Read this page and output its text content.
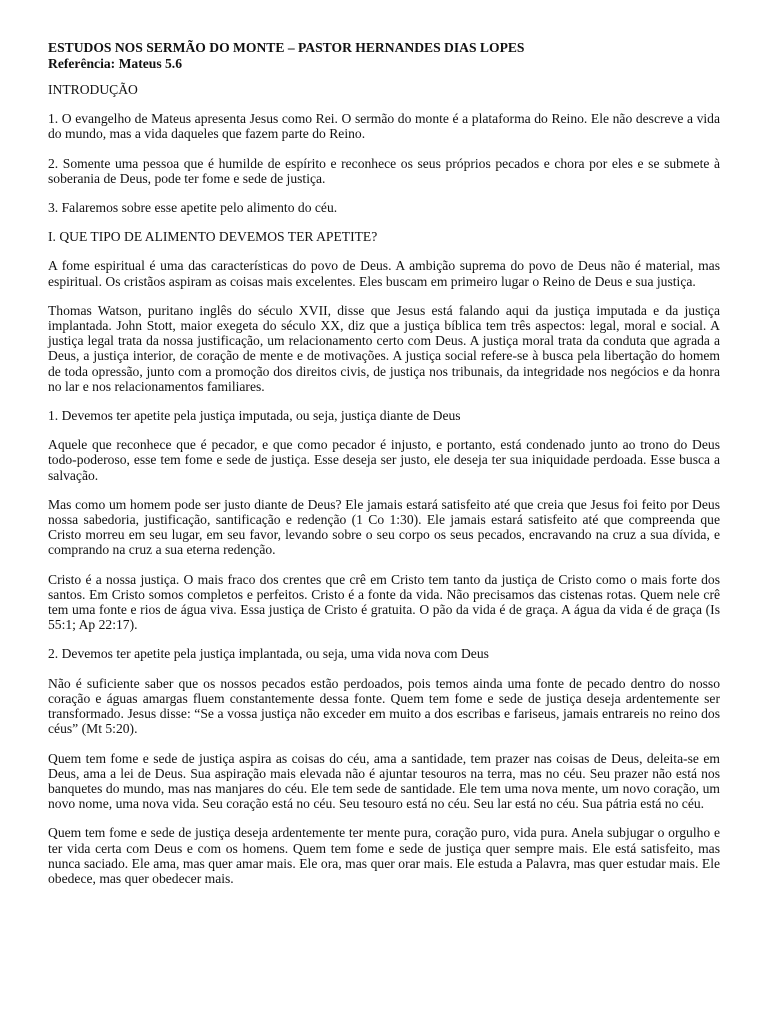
ESTUDOS NOS SERMÃO DO MONTE – PASTOR HERNANDES DIAS LOPES

Referência: Mateus 5.6

INTRODUÇÃO

1. O evangelho de Mateus apresenta Jesus como Rei. O sermão do monte é a plataforma do Reino. Ele não descreve a vida do mundo, mas a vida daqueles que fazem parte do Reino.

2. Somente uma pessoa que é humilde de espírito e reconhece os seus próprios pecados e chora por eles e se submete à soberania de Deus, pode ter fome e sede de justiça.

3. Falaremos sobre esse apetite pelo alimento do céu.

I. QUE TIPO DE ALIMENTO DEVEMOS TER APETITE?

A fome espiritual é uma das características do povo de Deus. A ambição suprema do povo de Deus não é material, mas espiritual. Os cristãos aspiram as coisas mais excelentes. Eles buscam em primeiro lugar o Reino de Deus e sua justiça.

Thomas Watson, puritano inglês do século XVII, disse que Jesus está falando aqui da justiça imputada e da justiça implantada. John Stott, maior exegeta do século XX, diz que a justiça bíblica tem três aspectos: legal, moral e social. A justiça legal trata da nossa justificação, um relacionamento certo com Deus. A justiça moral trata da conduta que agrada a Deus, a justiça interior, de coração de mente e de motivações. A justiça social refere-se à busca pela libertação do homem de toda opressão, junto com a promoção dos direitos civis, de justiça nos tribunais, da integridade nos negócios e da honra no lar e nos relacionamentos familiares.

1. Devemos ter apetite pela justiça imputada, ou seja, justiça diante de Deus

Aquele que reconhece que é pecador, e que como pecador é injusto, e portanto, está condenado junto ao trono do Deus todo-poderoso, esse tem fome e sede de justiça. Esse deseja ser justo, ele deseja ter sua iniquidade perdoada. Esse busca a salvação.

Mas como um homem pode ser justo diante de Deus? Ele jamais estará satisfeito até que creia que Jesus foi feito por Deus nossa sabedoria, justificação, santificação e redenção (1 Co 1:30). Ele jamais estará satisfeito até que compreenda que Cristo morreu em seu lugar, em seu favor, levando sobre o seu corpo os seus pecados, encravando na cruz a sua dívida, e comprando na cruz a sua eterna redenção.

Cristo é a nossa justiça. O mais fraco dos crentes que crê em Cristo tem tanto da justiça de Cristo como o mais forte dos santos. Em Cristo somos completos e perfeitos. Cristo é a fonte da vida. Não precisamos das cistenas rotas. Quem nele crê tem uma fonte e rios de água viva. Essa justiça de Cristo é gratuita. O pão da vida é de graça. A água da vida é de graça (Is 55:1; Ap 22:17).

2. Devemos ter apetite pela justiça implantada, ou seja, uma vida nova com Deus

Não é suficiente saber que os nossos pecados estão perdoados, pois temos ainda uma fonte de pecado dentro do nosso coração e águas amargas fluem constantemente dessa fonte. Quem tem fome e sede de justiça deseja ardentemente ser transformado. Jesus disse: “Se a vossa justiça não exceder em muito a dos escribas e fariseus, jamais entrareis no reino dos céus” (Mt 5:20).

Quem tem fome e sede de justiça aspira as coisas do céu, ama a santidade, tem prazer nas coisas de Deus, deleita-se em Deus, ama a lei de Deus. Sua aspiração mais elevada não é ajuntar tesouros na terra, mas no céu. Seu prazer não está nos banquetes do mundo, mas nas manjares do céu. Ele tem sede de santidade. Ele tem uma nova mente, um novo coração, um novo nome, uma nova vida. Seu coração está no céu. Seu tesouro está no céu. Seu lar está no céu. Sua pátria está no céu.

Quem tem fome e sede de justiça deseja ardentemente ter mente pura, coração puro, vida pura. Anela subjugar o orgulho e ter vida certa com Deus e com os homens. Quem tem fome e sede de justiça quer sempre mais. Ele está satisfeito, mas nunca saciado. Ele ama, mas quer amar mais. Ele ora, mas quer orar mais. Ele estuda a Palavra, mas quer estudar mais. Ele obedece, mas quer obedecer mais.
